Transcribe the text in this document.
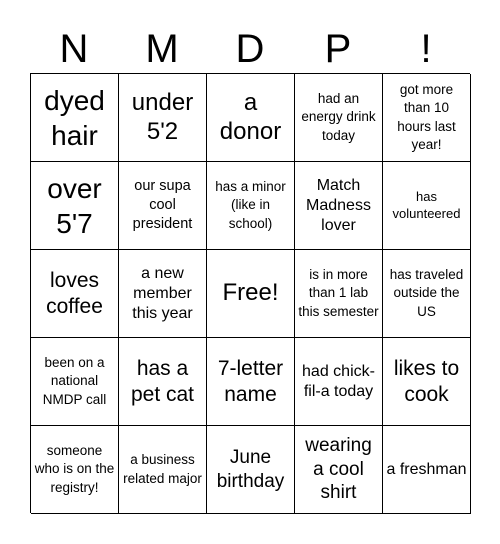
N	M	D	P	!
dyed hair
under 5'2
a donor
had an energy drink today
got more than 10 hours last year!
over 5'7
our supa cool president
has a minor (like in school)
Match Madness lover
has volunteered
loves coffee
a new member this year
Free!
is in more than 1 lab this semester
has traveled outside the US
been on a national NMDP call
has a pet cat
7-letter name
had chick-fil-a today
likes to cook
someone who is on the registry!
a business related major
June birthday
wearing a cool shirt
a freshman
